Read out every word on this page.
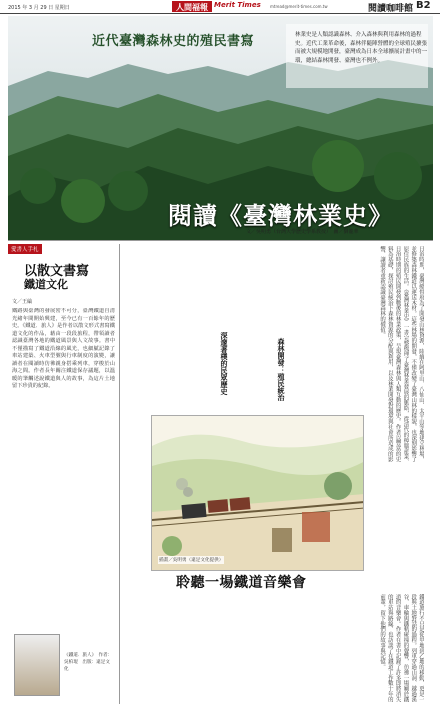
2015 年 3 月 29 日 星期日	人間福報 Merit Times mtread@merit-times.com.tw	閱讀咖啡館 B2
近代臺灣森林史的殖民書寫	林業史是人類認識森林、介入森林與利用森林的過程史。近代工業革命後，森林伴隨陣營體的全球殖民擴張而被大規模地開發，臺灣成為日本全球擴展計畫中的一環，總結森林開發、臺灣也不例外。
閱讀《臺灣林業史》
文／吳明勇（台灣大學歷史學系教授）　圖／劉龍華
愛書人手札
以散文書寫
鐵道文化
文／王綸
鐵路與臺灣的發展密不可分，臺灣鐵道自清光緒年間開始興建，至今已有一百餘年的歷史。《鐵道．旅人》是作者以散文形式書寫鐵道文化的作品，藉由一段段旅程，帶領讀者認識臺灣各地的鐵道風景與人文故事。書中不僅描寫了鐵道沿線的風光，也細膩記錄了車站建築、火車型號與行車制度的演變，讓讀者在閱讀時彷彿親身搭乘列車，穿梭於山海之間。作者長年關注鐵道保存議題，以溫暖的筆觸述說鐵道與人的故事，為這片土地留下珍貴的紀錄。
《鐵道．旅人》　作者：吳柏琨　出版：遠足文化
日治時期，臺灣總督府為了開發山林資源，陸續在阿里山、八仙山、太平山等地建立林場，並修築森林鐵道以運送木材。這些林場的開發，不僅改變了臺灣山林的樣貌，也深刻影響了原住民族的生活。《臺灣林業史》一書完整梳理了臺灣林業發展的脈絡，從清代的樟腦產業、日治時期的殖民開發到戰後的林業政策，呈現臺灣森林與人類互動的歷史。作者以豐富的史料為基礎，探討殖民統治下森林資源的分配與利用，以及林業開發對環境與社會所造成的影響，讓讀者重新認識臺灣森林的價值。
森林開發：殖民統治
深邃著樸的民眾歷史
插畫／吳明勇（遠足文化提供）
聆聽一場鐵道音樂會
鐵道旅行不只是從甲地到乙地的移動，更是一段與土地對話的過程。列車穿過山洞、越過溪谷，車輪與鐵軌碰撞的聲響，彷彿一場屬於鐵道的音樂會。作者在書中記錄了許多即將消失的車站與路線，也訪談了在鐵道工作數十年的前輩，留下他們的故事與記憶。
